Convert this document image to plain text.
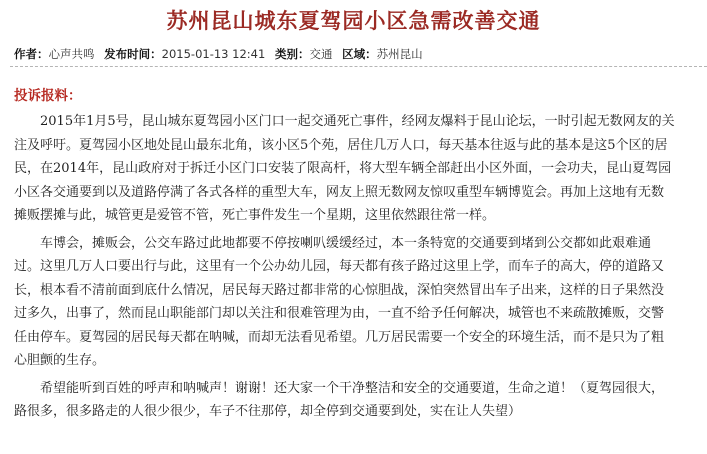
苏州昆山城东夏驾园小区急需改善交通
作者：心声共鸣 发布时间：2015-01-13 12:41 类别：交通 区域：苏州昆山
投诉报料：
　　2015年1月5号，昆山城东夏驾园小区门口一起交通死亡事件，经网友爆料于昆山论坛，一时引起无数网友的关
注及呼吁。夏驾园小区地处昆山最东北角，该小区5个苑，居住几万人口，每天基本往返与此的基本是这5个区的居
民，在2014年，昆山政府对于拆迁小区门口安装了限高杆，将大型车辆全部赶出小区外面，一会功夫，昆山夏驾园
小区各交通要到以及道路停满了各式各样的重型大车，网友上照无数网友惊叹重型车辆博览会。再加上这地有无数
摊贩摆摊与此，城管更是爱管不管，死亡事件发生一个星期，这里依然跟往常一样。
　　车博会，摊贩会，公交车路过此地都要不停按喇叭缓缓经过，本一条特宽的交通要到堵到公交都如此艰难通
过。这里几万人口要出行与此，这里有一个公办幼儿园，每天都有孩子路过这里上学，而车子的高大，停的道路又
长，根本看不清前面到底什么情况，居民每天路过都非常的心惊胆战，深怕突然冒出车子出来，这样的日子果然没
过多久，出事了，然而昆山职能部门却以关注和很难管理为由，一直不给予任何解决，城管也不来疏散摊贩，交警
任由停车。夏驾园的居民每天都在呐喊，而却无法看见希望。几万居民需要一个安全的环境生活，而不是只为了粗
心胆颤的生存。
　　希望能听到百姓的呼声和呐喊声！谢谢！还大家一个干净整洁和安全的交通要道，生命之道！（夏驾园很大，
路很多，很多路走的人很少很少，车子不往那停，却全停到交通要到处，实在让人失望）
